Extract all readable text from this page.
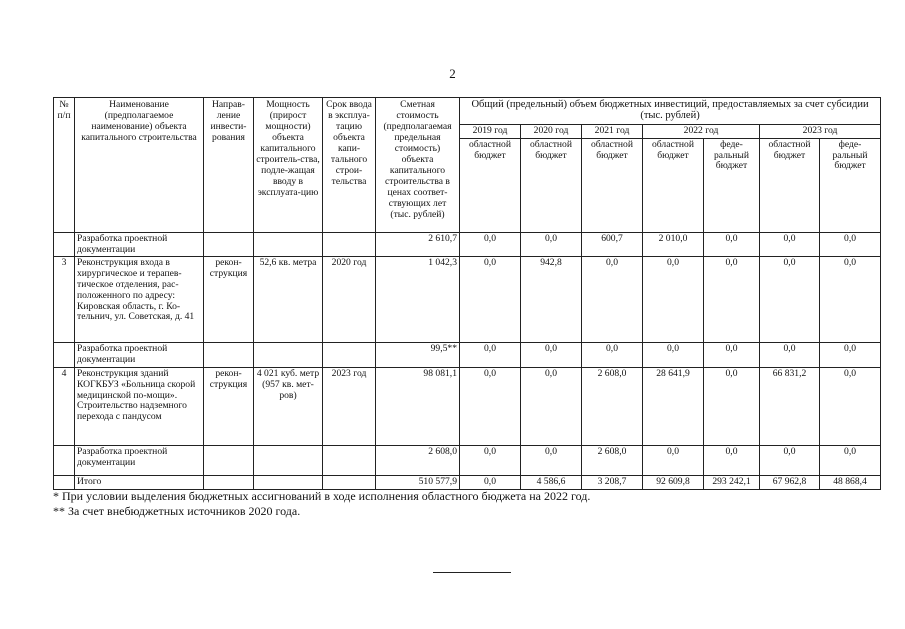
2
№ п/п	Наименование (предполагаемое наименование) объекта капитального строительства	Направ-ление инвести-рования	Мощность (прирост мощности) объекта капитального строитель-ства, подле-жащая вводу в эксплуата-цию	Срок ввода в эксплуа-тацию объекта капи-тального строи-тельства	Сметная стоимость (предполагаемая предельная стоимость) объекта капитального строительства в ценах соответ-ствующих лет (тыс. рублей)	Общий (предельный) объем бюджетных инвестиций, предоставляемых за счет субсидии (тыс. рублей)						
						2019 год	2020 год	2021 год	2022 год		2023 год	
						областной бюджет	областной бюджет	областной бюджет	областной бюджет	феде-ральный бюджет	областной бюджет	феде-ральный бюджет
	Разработка проектной документации				2 610,7	0,0	0,0	600,7	2 010,0	0,0	0,0	0,0
3	Реконструкция входа в хирургическое и терапев-тическое отделения, рас-положенного по адресу: Кировская область, г. Ко-тельнич, ул. Советская, д. 41	рекон-струкция	52,6 кв. метра	2020 год	1 042,3	0,0	942,8	0,0	0,0	0,0	0,0	0,0
	Разработка проектной документации				99,5**	0,0	0,0	0,0	0,0	0,0	0,0	0,0
4	Реконструкция зданий КОГКБУЗ «Больница скорой медицинской по-мощи». Строительство надземного перехода с пандусом	рекон-струкция	4 021 куб. метр (957 кв. мет-ров)	2023 год	98 081,1	0,0	0,0	2 608,0	28 641,9	0,0	66 831,2	0,0
	Разработка проектной документации				2 608,0	0,0	0,0	2 608,0	0,0	0,0	0,0	0,0
	Итого				510 577,9	0,0	4 586,6	3 208,7	92 609,8	293 242,1	67 962,8	48 868,4
* При условии выделения бюджетных ассигнований в ходе исполнения областного бюджета на 2022 год.
** За счет внебюджетных источников 2020 года.
